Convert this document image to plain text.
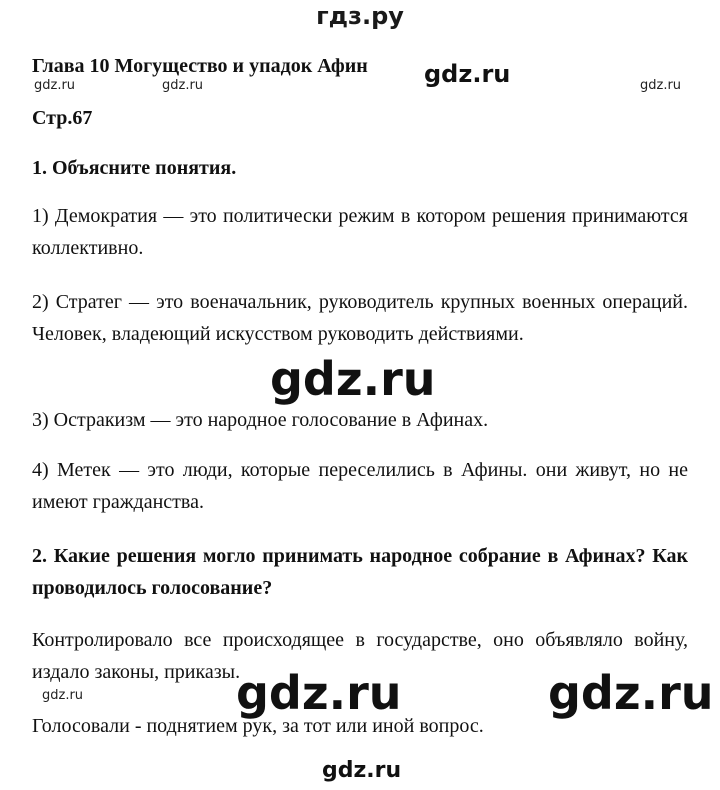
гдз.ру
Глава 10 Могущество и упадок Афин
Стр.67
1. Объясните понятия.
1) Демократия — это политически режим в котором решения принимаются коллективно.
2) Стратег — это военачальник, руководитель крупных военных операций. Человек, владеющий искусством руководить действиями.
3) Остракизм — это народное голосование в Афинах.
4) Метек — это люди, которые переселились в Афины. они живут, но не имеют гражданства.
2. Какие решения могло принимать народное собрание в Афинах? Как проводилось голосование?
Контролировало все происходящее в государстве, оно объявляло войну, издало законы, приказы.
Голосовали - поднятием рук, за тот или иной вопрос.
gdz.ru	gdz.ru	gdz.ru
gdz.ru
gdz.ru
gdz.ru	gdz.ru	gdz.ru
gdz.ru
